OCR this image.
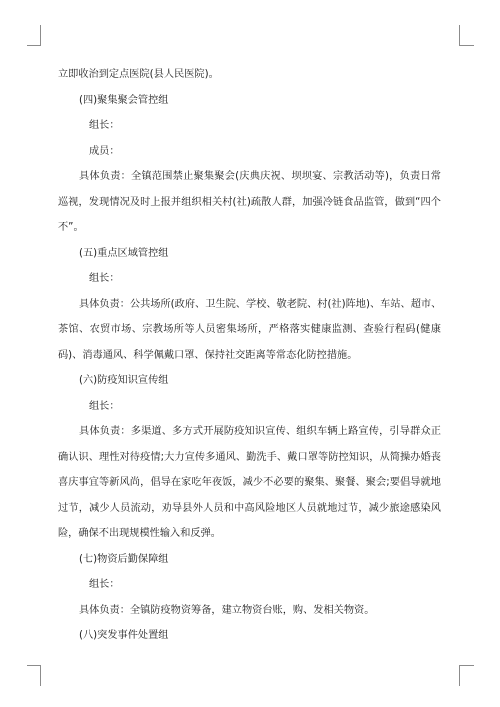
立即收治到定点医院(县人民医院)。
(四)聚集聚会管控组
组长：
成员：
具体负责：全镇范围禁止聚集聚会(庆典庆祝、坝坝宴、宗教活动等)，负责日常
巡视，发现情况及时上报并组织相关村(社)疏散人群，加强冷链食品监管，做到“四个
不”。
(五)重点区域管控组
组长：
具体负责：公共场所(政府、卫生院、学校、敬老院、村(社)阵地)、车站、超市、
茶馆、农贸市场、宗教场所等人员密集场所，严格落实健康监测、查验行程码(健康
码)、消毒通风、科学佩戴口罩、保持社交距离等常态化防控措施。
(六)防疫知识宣传组
组长：
具体负责：多渠道、多方式开展防疫知识宣传、组织车辆上路宣传，引导群众正
确认识、理性对待疫情;大力宣传多通风、勤洗手、戴口罩等防控知识，从简操办婚丧
喜庆事宜等新风尚，倡导在家吃年夜饭，减少不必要的聚集、聚餐、聚会;要倡导就地
过节，减少人员流动，劝导县外人员和中高风险地区人员就地过节，减少旅途感染风
险，确保不出现规模性输入和反弹。
(七)物资后勤保障组
组长：
具体负责：全镇防疫物资筹备，建立物资台账，购、发相关物资。
(八)突发事件处置组
